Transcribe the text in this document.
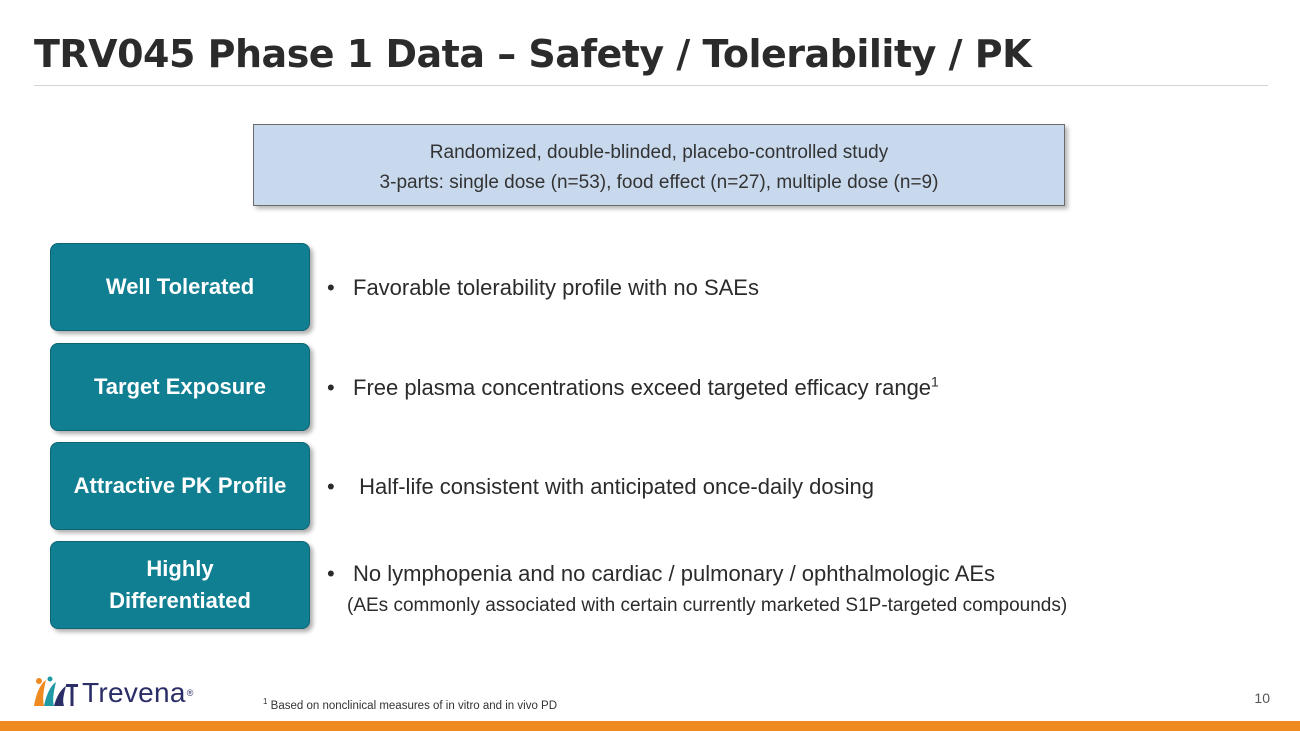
TRV045 Phase 1 Data – Safety / Tolerability / PK
Randomized, double-blinded, placebo-controlled study
3-parts: single dose (n=53), food effect (n=27), multiple dose (n=9)
Well Tolerated	• Favorable tolerability profile with no SAEs
Target Exposure	• Free plasma concentrations exceed targeted efficacy range$^1$
Attractive PK Profile • Half-life consistent with anticipated once-daily dosing
Highly Differentiated
• No lymphopenia and no cardiac / pulmonary / ophthalmologic AEs
(AEs commonly associated with certain currently marketed S1P-targeted compounds)
Trevena ®
$^1$ Based on nonclinical measures of in vitro and in vivo PD	10
